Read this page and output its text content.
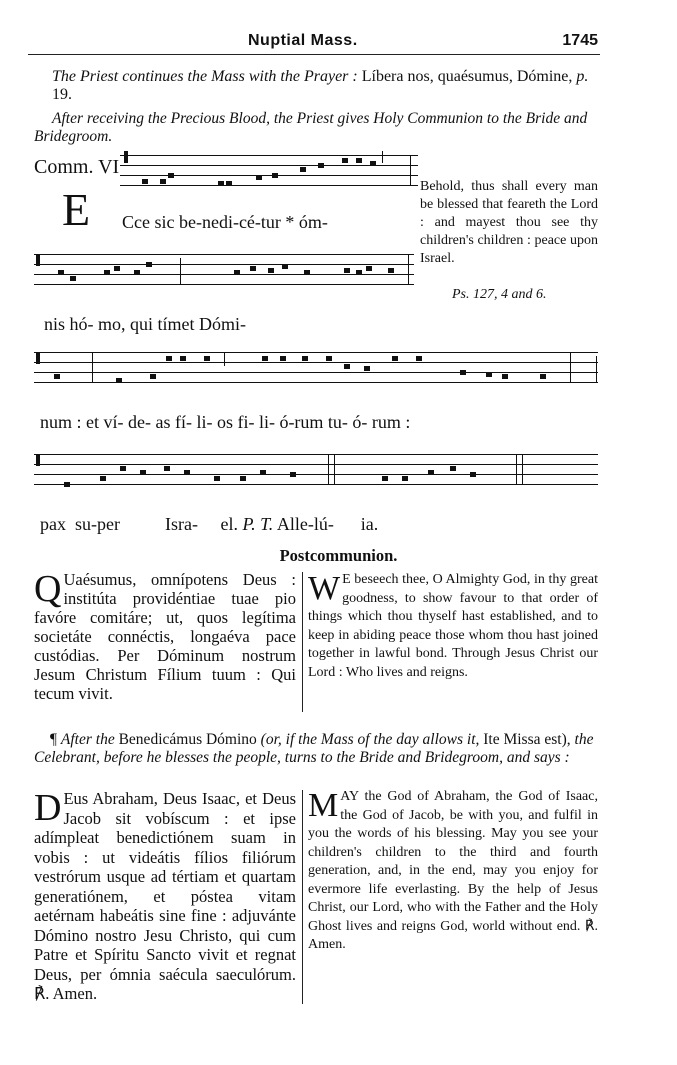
Nuptial Mass.	1745
The Priest continues the Mass with the Prayer : Líbera nos, quaésumus, Dómine, p. 19.
After receiving the Precious Blood, the Priest gives Holy Communion to the Bride and Bridegroom.
Comm. VI
E Cce sic be-nedi-cé-tur * óm-
Behold, thus shall every man be blessed that feareth the Lord : and mayest thou see thy children's children : peace upon Israel.
Ps. 127, 4 and 6.
nis hó- mo, qui tímet Dómi-
num : et ví- de- as fí- li- os fi- li- ó-rum tu- ó- rum :
pax  su-per          Isra-     el. P. T. Alle-lú-      ia.
Postcommunion.
Q Uaésumus, omnípotens Deus : institúta providéntiae tuae pio favóre comitáre; ut, quos legítima societáte connéctis, longaéva pace custódias. Per Dóminum nostrum Jesum Christum Fílium tuum : Qui tecum vivit.
W E beseech thee, O Almighty God, in thy great goodness, to show favour to that order of things which thou thyself hast established, and to keep in abiding peace those whom thou hast joined together in lawful bond. Through Jesus Christ our Lord : Who lives and reigns.
¶ After the Benedicámus Dómino (or, if the Mass of the day allows it, Ite Missa est), the Celebrant, before he blesses the people, turns to the Bride and Bridegroom, and says :
D Eus Abraham, Deus Isaac, et Deus Jacob sit vobíscum : et ipse adímpleat benedictiónem suam in vobis : ut videátis fílios filiórum vestrórum usque ad tértiam et quartam generatiónem, et póstea vitam aetérnam habeátis sine fine : adjuvánte Dómino nostro Jesu Christo, qui cum Patre et Spíritu Sancto vivit et regnat Deus, per ómnia saécula saeculórum. ℟. Amen.
M AY the God of Abraham, the God of Isaac, the God of Jacob, be with you, and fulfil in you the words of his blessing. May you see your children's children to the third and fourth generation, and, in the end, may you enjoy for evermore life everlasting. By the help of Jesus Christ, our Lord, who with the Father and the Holy Ghost lives and reigns God, world without end. ℟. Amen.
